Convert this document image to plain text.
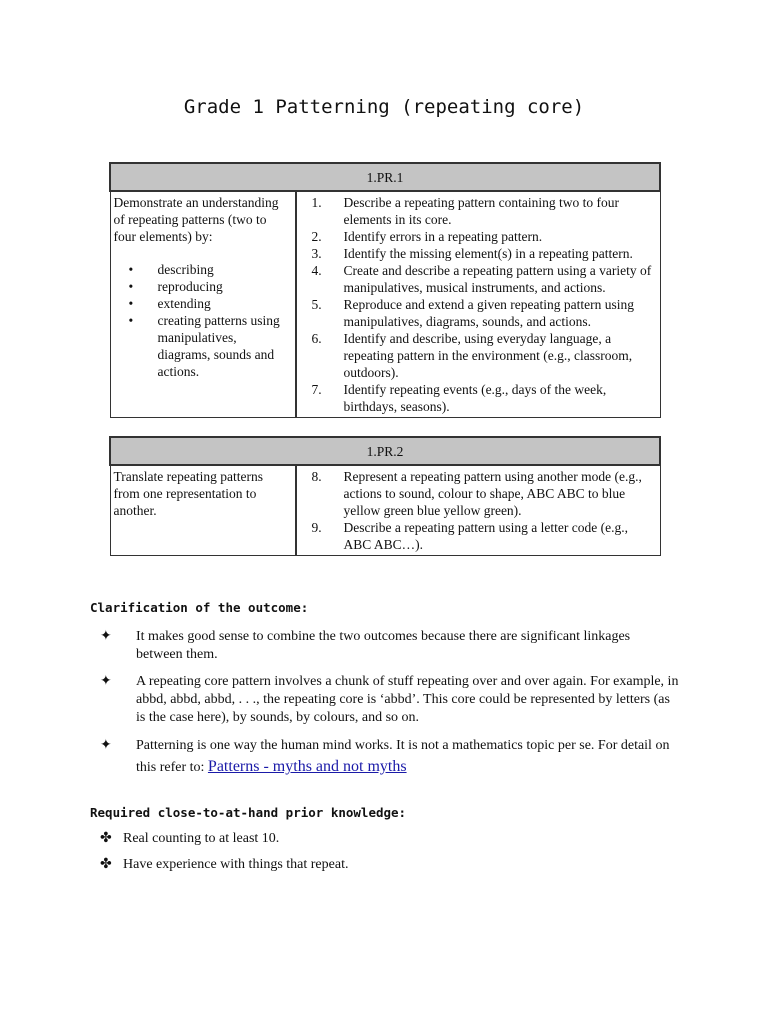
Grade 1 Patterning (repeating core)
1.PR.1

Demonstrate an understanding of repeating patterns (two to four elements) by:
• describing
• reproducing
• extending
• creating patterns using manipulatives, diagrams, sounds and actions.

1. Describe a repeating pattern containing two to four elements in its core.
2. Identify errors in a repeating pattern.
3. Identify the missing element(s) in a repeating pattern.
4. Create and describe a repeating pattern using a variety of manipulatives, musical instruments, and actions.
5. Reproduce and extend a given repeating pattern using manipulatives, diagrams, sounds, and actions.
6. Identify and describe, using everyday language, a repeating pattern in the environment (e.g., classroom, outdoors).
7. Identify repeating events (e.g., days of the week, birthdays, seasons).
1.PR.2

Translate repeating patterns from one representation to another.

8. Represent a repeating pattern using another mode (e.g., actions to sound, colour to shape, ABC ABC to blue yellow green blue yellow green).
9. Describe a repeating pattern using a letter code (e.g., ABC ABC…).
Clarification of the outcome:
✦ It makes good sense to combine the two outcomes because there are significant linkages between them.
✦ A repeating core pattern involves a chunk of stuff repeating over and over again. For example, in abbd, abbd, abbd, . . ., the repeating core is ‘abbd’. This core could be represented by letters (as is the case here), by sounds, by colours, and so on.
✦ Patterning is one way the human mind works. It is not a mathematics topic per se. For detail on this refer to: Patterns - myths and not myths
Required close-to-at-hand prior knowledge:
✤ Real counting to at least 10.
✤ Have experience with things that repeat.
